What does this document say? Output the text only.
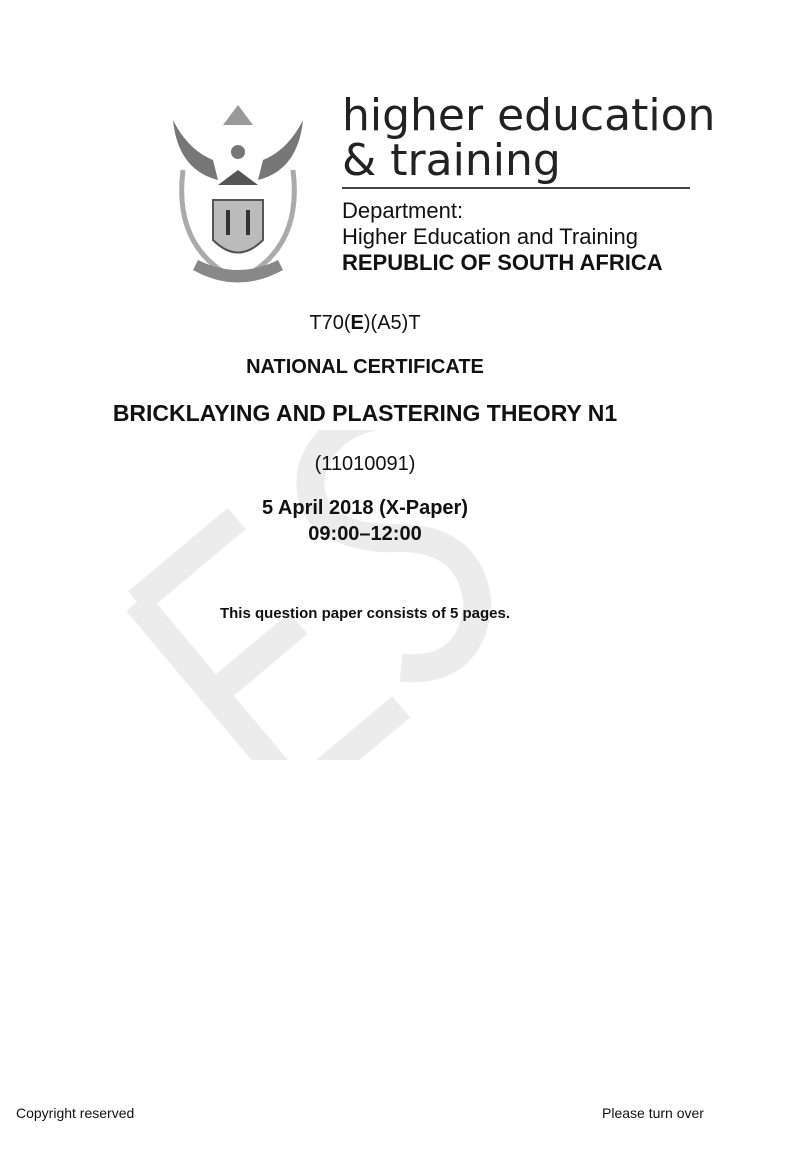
higher education
& training
Department:
Higher Education and Training
REPUBLIC OF SOUTH AFRICA
T70(E)(A5)T
NATIONAL CERTIFICATE
BRICKLAYING AND PLASTERING THEORY N1
(11010091)
5 April 2018 (X-Paper)
09:00–12:00
This question paper consists of 5 pages.
Copyright reserved	Please turn over
